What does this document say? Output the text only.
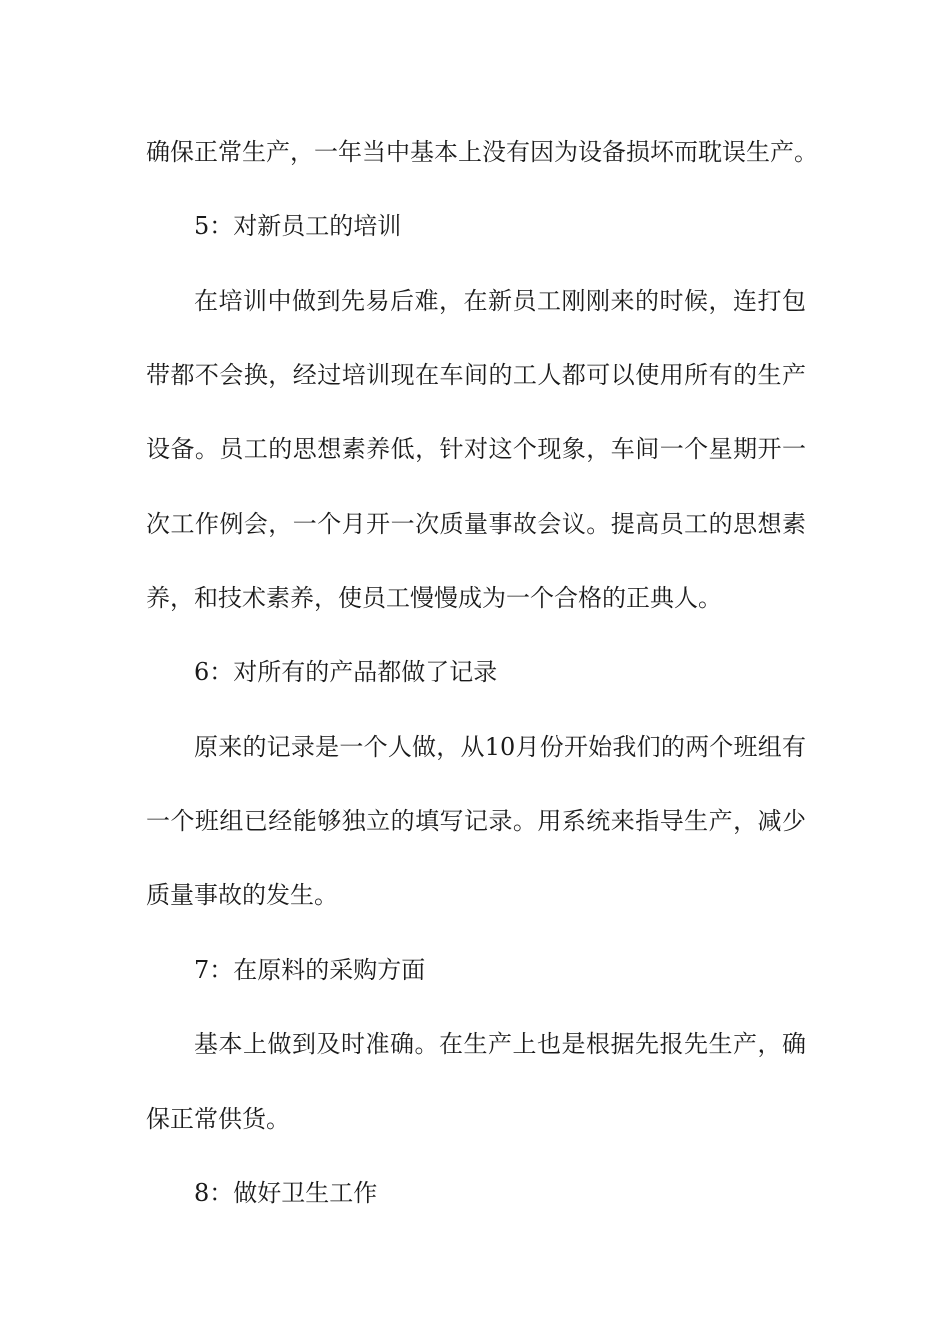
确保正常生产，一年当中基本上没有因为设备损坏而耽误生产。
5：对新员工的培训
在培训中做到先易后难，在新员工刚刚来的时候，连打包
带都不会换，经过培训现在车间的工人都可以使用所有的生产
设备。员工的思想素养低，针对这个现象，车间一个星期开一
次工作例会，一个月开一次质量事故会议。提高员工的思想素
养，和技术素养，使员工慢慢成为一个合格的正典人。
6：对所有的产品都做了记录
原来的记录是一个人做，从10月份开始我们的两个班组有
一个班组已经能够独立的填写记录。用系统来指导生产，减少
质量事故的发生。
7：在原料的采购方面
基本上做到及时准确。在生产上也是根据先报先生产，确
保正常供货。
8：做好卫生工作
